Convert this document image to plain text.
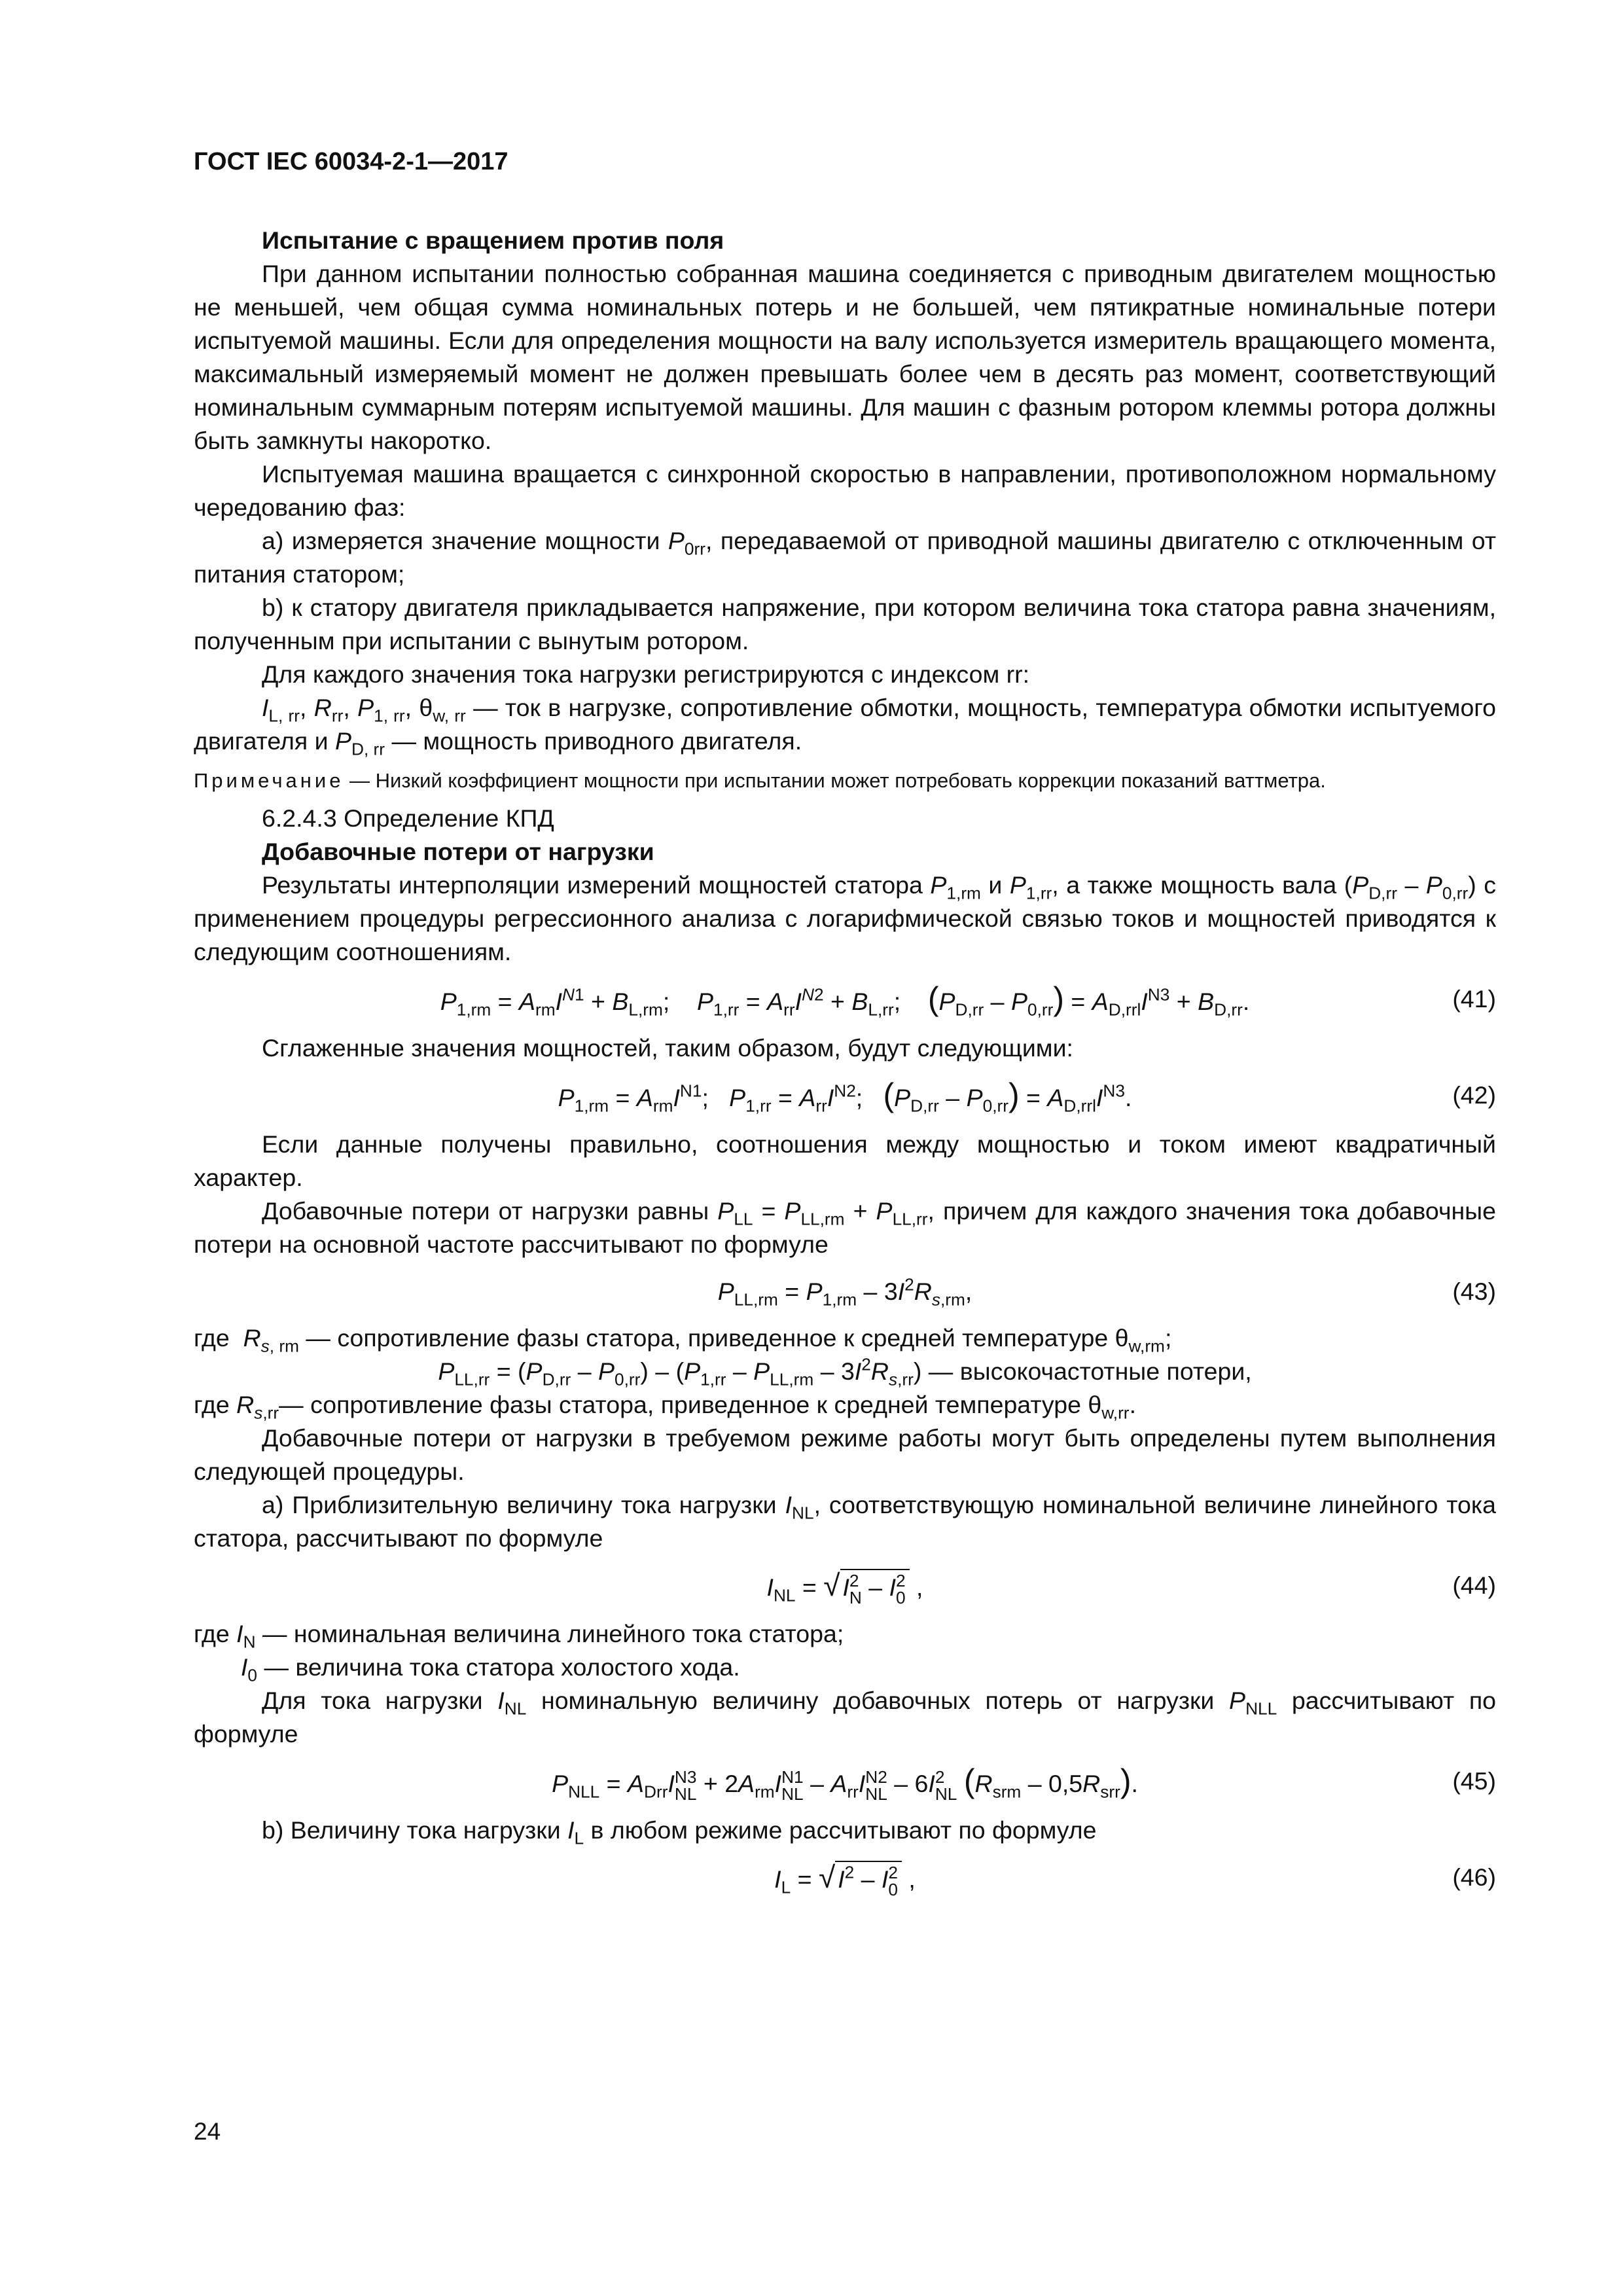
ГОСТ IEC 60034-2-1—2017

Испытание с вращением против поля

При данном испытании полностью собранная машина соединяется с приводным двигателем мощностью не меньшей, чем общая сумма номинальных потерь и не большей, чем пятикратные номинальные потери испытуемой машины. Если для определения мощности на валу используется измеритель вращающего момента, максимальный измеряемый момент не должен превышать более чем в десять раз момент, соответствующий номинальным суммарным потерям испытуемой машины. Для машин с фазным ротором клеммы ротора должны быть замкнуты накоротко.

Испытуемая машина вращается с синхронной скоростью в направлении, противоположном нормальному чередованию фаз:

a) измеряется значение мощности $P_{0rr}$, передаваемой от приводной машины двигателю с отключенным от питания статором;

b) к статору двигателя прикладывается напряжение, при котором величина тока статора равна значениям, полученным при испытании с вынутым ротором.

Для каждого значения тока нагрузки регистрируются с индексом rr:

$I_{L, rr}$, $R_{rr}$, $P_{1, rr}$, $\theta_{w, rr}$ — ток в нагрузке, сопротивление обмотки, мощность, температура обмотки испытуемого двигателя и $P_{D, rr}$ — мощность приводного двигателя.

Примечание — Низкий коэффициент мощности при испытании может потребовать коррекции показаний ваттметра.

6.2.4.3 Определение КПД

Добавочные потери от нагрузки

Результаты интерполяции измерений мощностей статора $P_{1,rm}$ и $P_{1,rr}$, а также мощность вала $(P_{D,rr} - P_{0,rr})$ с применением процедуры регрессионного анализа с логарифмической связью токов и мощностей приводятся к следующим соотношениям.

$P_{1,rm} = A_{rm}I^{N1} + B_{L,rm}$;    $P_{1,rr} = A_{rr}I^{N2} + B_{L,rr}$;    $(P_{D,rr} - P_{0,rr}) = A_{D,rrl}I^{N3} + B_{D,rr}$.	(41)

Сглаженные значения мощностей, таким образом, будут следующими:

$P_{1,rm} = A_{rm}I^{N1}$;   $P_{1,rr} = A_{rr}I^{N2}$;   $(P_{D,rr} - P_{0,rr}) = A_{D,rrl}I^{N3}$.	(42)

Если данные получены правильно, соотношения между мощностью и током имеют квадратичный характер.

Добавочные потери от нагрузки равны $P_{LL} = P_{LL,rm} + P_{LL,rr}$, причем для каждого значения тока добавочные потери на основной частоте рассчитывают по формуле

$P_{LL,rm} = P_{1,rm} - 3I^2R_{s,rm}$,	(43)

где  $R_{s, rm}$ — сопротивление фазы статора, приведенное к средней температуре $\theta_{w,rm}$;

$P_{LL,rr} = (P_{D,rr} - P_{0,rr}) - (P_{1,rr} - P_{LL,rm} - 3I^2R_{s,rr})$ — высокочастотные потери,

где $R_{s,rr}—$ сопротивление фазы статора, приведенное к средней температуре $\theta_{w,rr}$.

Добавочные потери от нагрузки в требуемом режиме работы могут быть определены путем выполнения следующей процедуры.

a) Приблизительную величину тока нагрузки $I_{NL}$, соответствующую номинальной величине линейного тока статора, рассчитывают по формуле

$I_{NL}$ = √ I 2
N – I 2
0 ,	(44)

где $I_N$ — номинальная величина линейного тока статора;

$I_0$ — величина тока статора холостого хода.

Для тока нагрузки $I_{NL}$ номинальную величину добавочных потерь от нагрузки $P_{NLL}$ рассчитывают по формуле

$P_{NLL} = A_{Drr}I$ N3
NL + $2A_{rm}I$ N1
NL – $A_{rr}I$ N2
NL – 6I 2
NL $(R_{srm} - 0,5R_{srr})$.	(45)

b) Величину тока нагрузки $I_L$ в любом режиме рассчитывают по формуле

$I_L$ = √ $I^2$ – I 2
0 ,	(46)

24
